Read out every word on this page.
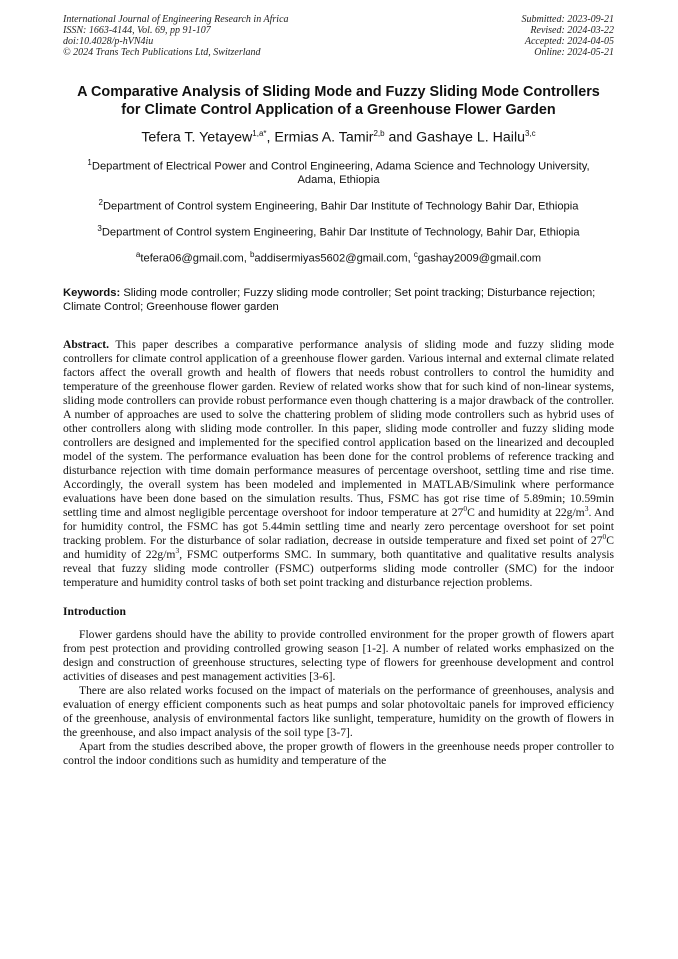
International Journal of Engineering Research in Africa
ISSN: 1663-4144, Vol. 69, pp 91-107
doi:10.4028/p-hVN4iu
© 2024 Trans Tech Publications Ltd, Switzerland
Submitted: 2023-09-21
Revised: 2024-03-22
Accepted: 2024-04-05
Online: 2024-05-21
A Comparative Analysis of Sliding Mode and Fuzzy Sliding Mode Controllers for Climate Control Application of a Greenhouse Flower Garden
Tefera T. Yetayew$^{1,a*}$, Ermias A. Tamir$^{2,b}$ and Gashaye L. Hailu$^{3,c}$
$^1$Department of Electrical Power and Control Engineering, Adama Science and Technology University, Adama, Ethiopia
$^2$Department of Control system Engineering, Bahir Dar Institute of Technology Bahir Dar, Ethiopia
$^3$Department of Control system Engineering, Bahir Dar Institute of Technology, Bahir Dar, Ethiopia
$^a$tefera06@gmail.com, $^b$addisermiyas5602@gmail.com, $^c$gashay2009@gmail.com
Keywords: Sliding mode controller; Fuzzy sliding mode controller; Set point tracking; Disturbance rejection; Climate Control; Greenhouse flower garden
Abstract. This paper describes a comparative performance analysis of sliding mode and fuzzy sliding mode controllers for climate control application of a greenhouse flower garden. Various internal and external climate related factors affect the overall growth and health of flowers that needs robust controllers to control the humidity and temperature of the greenhouse flower garden. Review of related works show that for such kind of non-linear systems, sliding mode controllers can provide robust performance even though chattering is a major drawback of the controller. A number of approaches are used to solve the chattering problem of sliding mode controllers such as hybrid uses of other controllers along with sliding mode controller. In this paper, sliding mode controller and fuzzy sliding mode controllers are designed and implemented for the specified control application based on the linearized and decoupled model of the system. The performance evaluation has been done for the control problems of reference tracking and disturbance rejection with time domain performance measures of percentage overshoot, settling time and rise time. Accordingly, the overall system has been modeled and implemented in MATLAB/Simulink where performance evaluations have been done based on the simulation results. Thus, FSMC has got rise time of 5.89min; 10.59min settling time and almost negligible percentage overshoot for indoor temperature at $27^0C$ and humidity at $22g/m^3$. And for humidity control, the FSMC has got 5.44min settling time and nearly zero percentage overshoot for set point tracking problem. For the disturbance of solar radiation, decrease in outside temperature and fixed set point of $27^0C$ and humidity of $22g/m^3$, FSMC outperforms SMC. In summary, both quantitative and qualitative results analysis reveal that fuzzy sliding mode controller (FSMC) outperforms sliding mode controller (SMC) for the indoor temperature and humidity control tasks of both set point tracking and disturbance rejection problems.
Introduction
Flower gardens should have the ability to provide controlled environment for the proper growth of flowers apart from pest protection and providing controlled growing season [1-2]. A number of related works emphasized on the design and construction of greenhouse structures, selecting type of flowers for greenhouse development and control activities of diseases and pest management activities [3-6].
There are also related works focused on the impact of materials on the performance of greenhouses, analysis and evaluation of energy efficient components such as heat pumps and solar photovoltaic panels for improved efficiency of the greenhouse, analysis of environmental factors like sunlight, temperature, humidity on the growth of flowers in the greenhouse, and also impact analysis of the soil type [3-7].
Apart from the studies described above, the proper growth of flowers in the greenhouse needs proper controller to control the indoor conditions such as humidity and temperature of the
